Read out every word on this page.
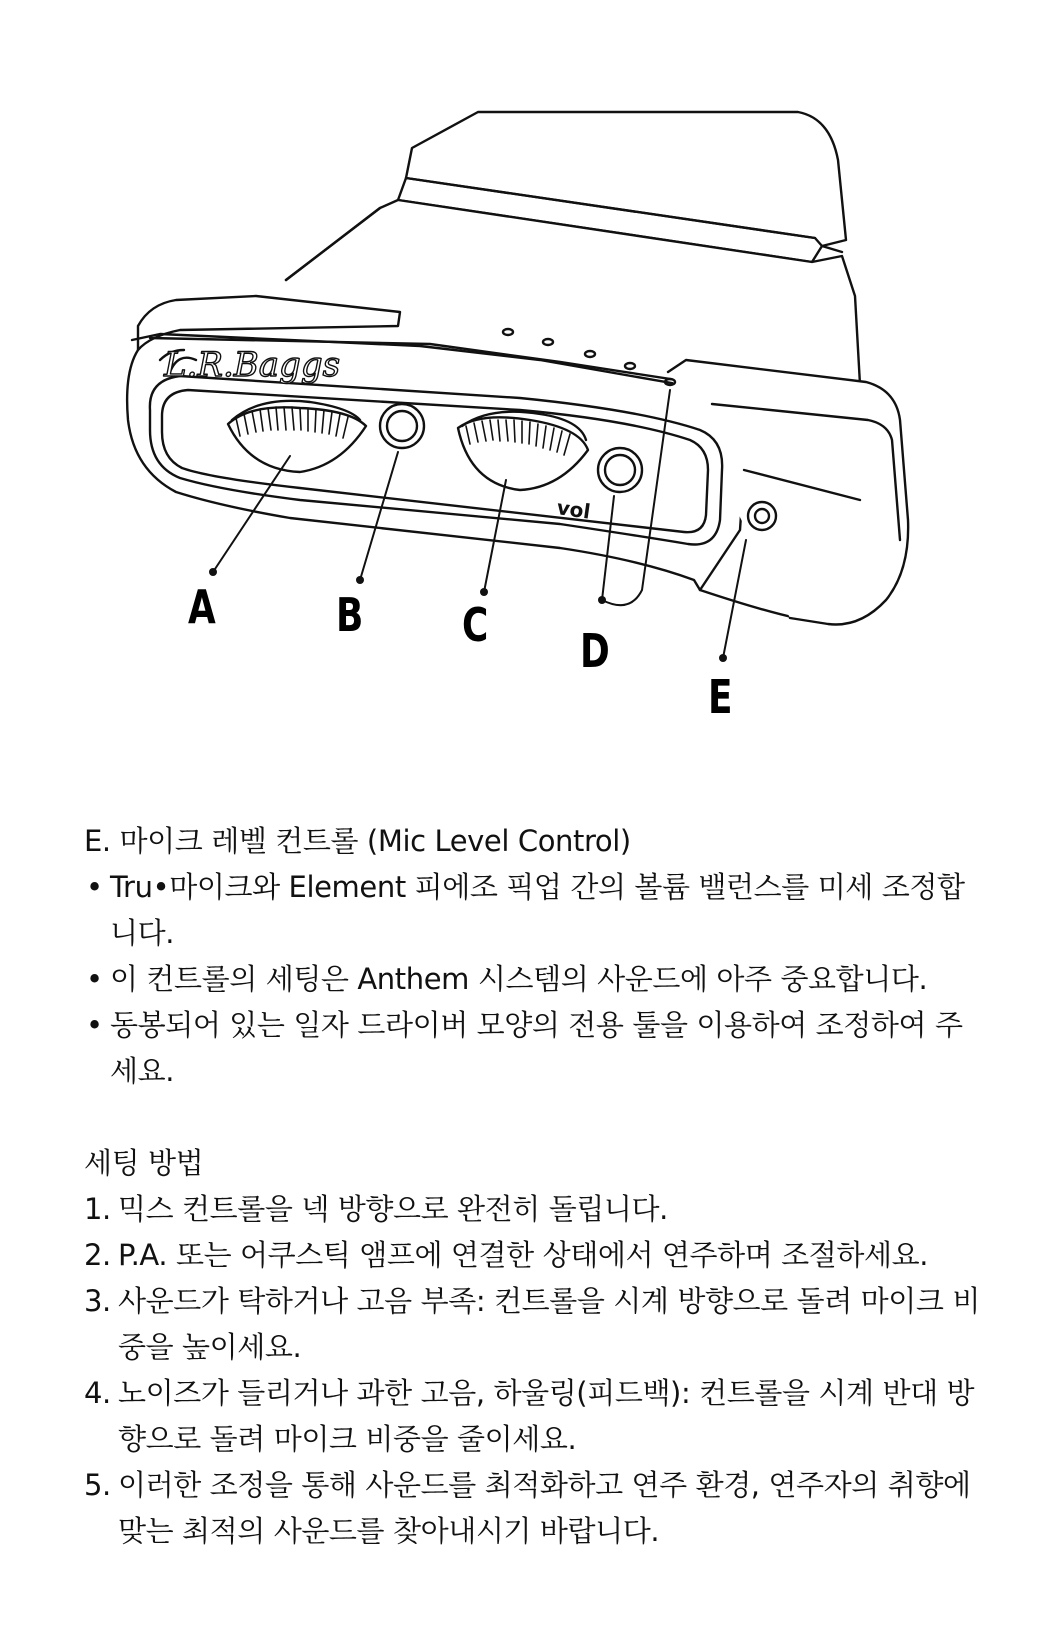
L.R.Baggs
vol
A	B C D
E

E. 마이크 레벨 컨트롤 (Mic Level Control)

• Tru•마이크와 Element 피에조 픽업 간의 볼륨 밸런스를 미세 조정합니다.

• 이 컨트롤의 세팅은 Anthem 시스템의 사운드에 아주 중요합니다.

• 동봉되어 있는 일자 드라이버 모양의 전용 툴을 이용하여 조정하여 주세요.

세팅 방법

1. 믹스 컨트롤을 넥 방향으로 완전히 돌립니다.

2. P.A. 또는 어쿠스틱 앰프에 연결한 상태에서 연주하며 조절하세요.

3. 사운드가 탁하거나 고음 부족: 컨트롤을 시계 방향으로 돌려 마이크 비중을 높이세요.

4. 노이즈가 들리거나 과한 고음, 하울링(피드백): 컨트롤을 시계 반대 방향으로 돌려 마이크 비중을 줄이세요.

5. 이러한 조정을 통해 사운드를 최적화하고 연주 환경, 연주자의 취향에 맞는 최적의 사운드를 찾아내시기 바랍니다.
